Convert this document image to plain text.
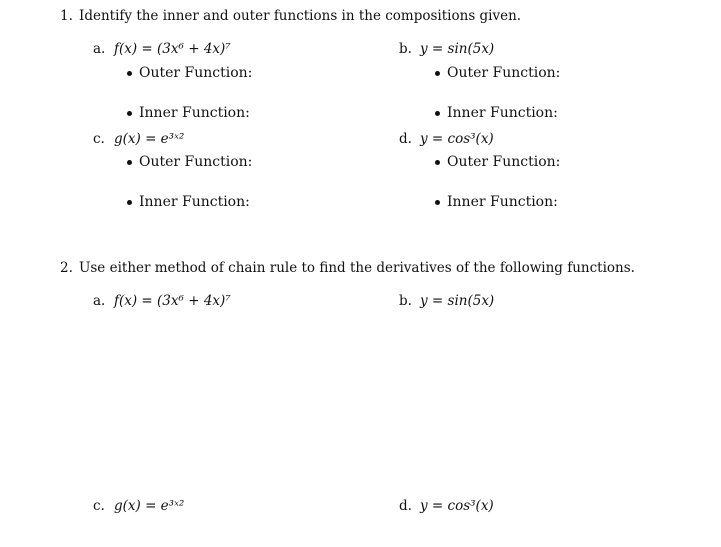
1. Identify the inner and outer functions in the compositions given.
a. f(x) = (3x⁶ + 4x)⁷
Outer Function:
Inner Function:
b. y = sin(5x)
Outer Function:
Inner Function:
c. g(x) = e³ˣ²
Outer Function:
Inner Function:
d. y = cos³(x)
Outer Function:
Inner Function:
2. Use either method of chain rule to find the derivatives of the following functions.
a. f(x) = (3x⁶ + 4x)⁷	b. y = sin(5x)
c. g(x) = e³ˣ²	d. y = cos³(x)
